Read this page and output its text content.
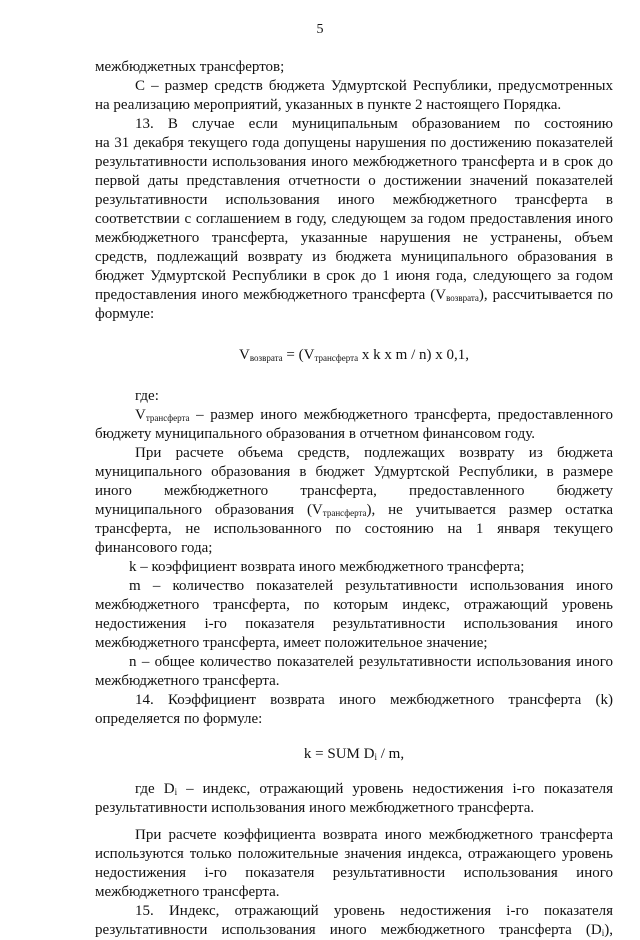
5
межбюджетных трансфертов;
С – размер средств бюджета Удмуртской Республики, предусмотренных
на реализацию мероприятий, указанных в пункте 2 настоящего Порядка.
13. В случае если муниципальным образованием по состоянию
на 31 декабря текущего года допущены нарушения по достижению показателей
результативности использования иного межбюджетного трансферта и в срок до
первой даты представления отчетности о достижении значений показателей
результативности использования иного межбюджетного трансферта в
соответствии с соглашением в году, следующем за годом предоставления иного
межбюджетного трансферта, указанные нарушения не устранены, объем
средств, подлежащий возврату из бюджета муниципального образования в
бюджет Удмуртской Республики в срок до 1 июня года, следующего за годом
предоставления иного межбюджетного трансферта $(V_{возврата})$, рассчитывается по
формуле:
$V_{возврата} = (V_{трансферта}$ x k x m / n) x 0,1,
где:
$V_{трансферта}$ – размер иного межбюджетного трансферта, предоставленного
бюджету муниципального образования в отчетном финансовом году.
При расчете объема средств, подлежащих возврату из бюджета
муниципального образования в бюджет Удмуртской Республики, в размере
иного межбюджетного трансферта, предоставленного бюджету
муниципального образования $(V_{трансферта})$, не учитывается размер остатка
трансферта, не использованного по состоянию на 1 января текущего
финансового года;
k – коэффициент возврата иного межбюджетного трансферта;
m – количество показателей результативности использования иного
межбюджетного трансферта, по которым индекс, отражающий уровень
недостижения i-го показателя результативности использования иного
межбюджетного трансферта, имеет положительное значение;
n – общее количество показателей результативности использования иного
межбюджетного трансферта.
14. Коэффициент возврата иного межбюджетного трансферта (k)
определяется по формуле:
k = SUM $D_i$ / m,
где $D_i$ – индекс, отражающий уровень недостижения i-го показателя
результативности использования иного межбюджетного трансферта.
При расчете коэффициента возврата иного межбюджетного трансферта
используются только положительные значения индекса, отражающего уровень
недостижения i-го показателя результативности использования иного
межбюджетного трансферта.
15. Индекс, отражающий уровень недостижения i-го показателя
результативности использования иного межбюджетного трансферта $(D_i)$,
